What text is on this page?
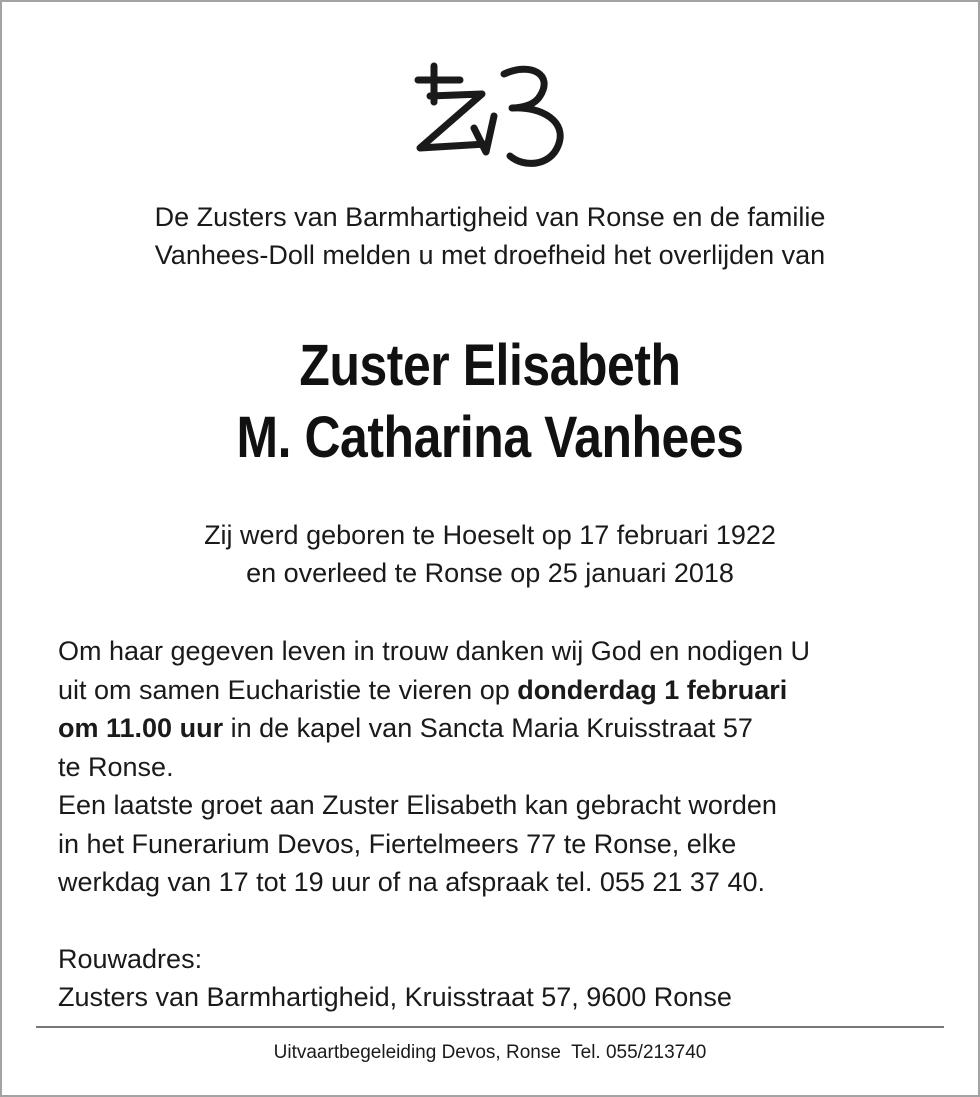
De Zusters van Barmhartigheid van Ronse en de familie
Vanhees-Doll melden u met droefheid het overlijden van
Zuster Elisabeth
M. Catharina Vanhees
Zij werd geboren te Hoeselt op 17 februari 1922
en overleed te Ronse op 25 januari 2018
Om haar gegeven leven in trouw danken wij God en nodigen U
uit om samen Eucharistie te vieren op donderdag 1 februari
om 11.00 uur in de kapel van Sancta Maria Kruisstraat 57
te Ronse.
Een laatste groet aan Zuster Elisabeth kan gebracht worden
in het Funerarium Devos, Fiertelmeers 77 te Ronse, elke
werkdag van 17 tot 19 uur of na afspraak tel. 055 21 37 40.
Rouwadres:
Zusters van Barmhartigheid, Kruisstraat 57, 9600 Ronse
Uitvaartbegeleiding Devos, Ronse  Tel. 055/213740
